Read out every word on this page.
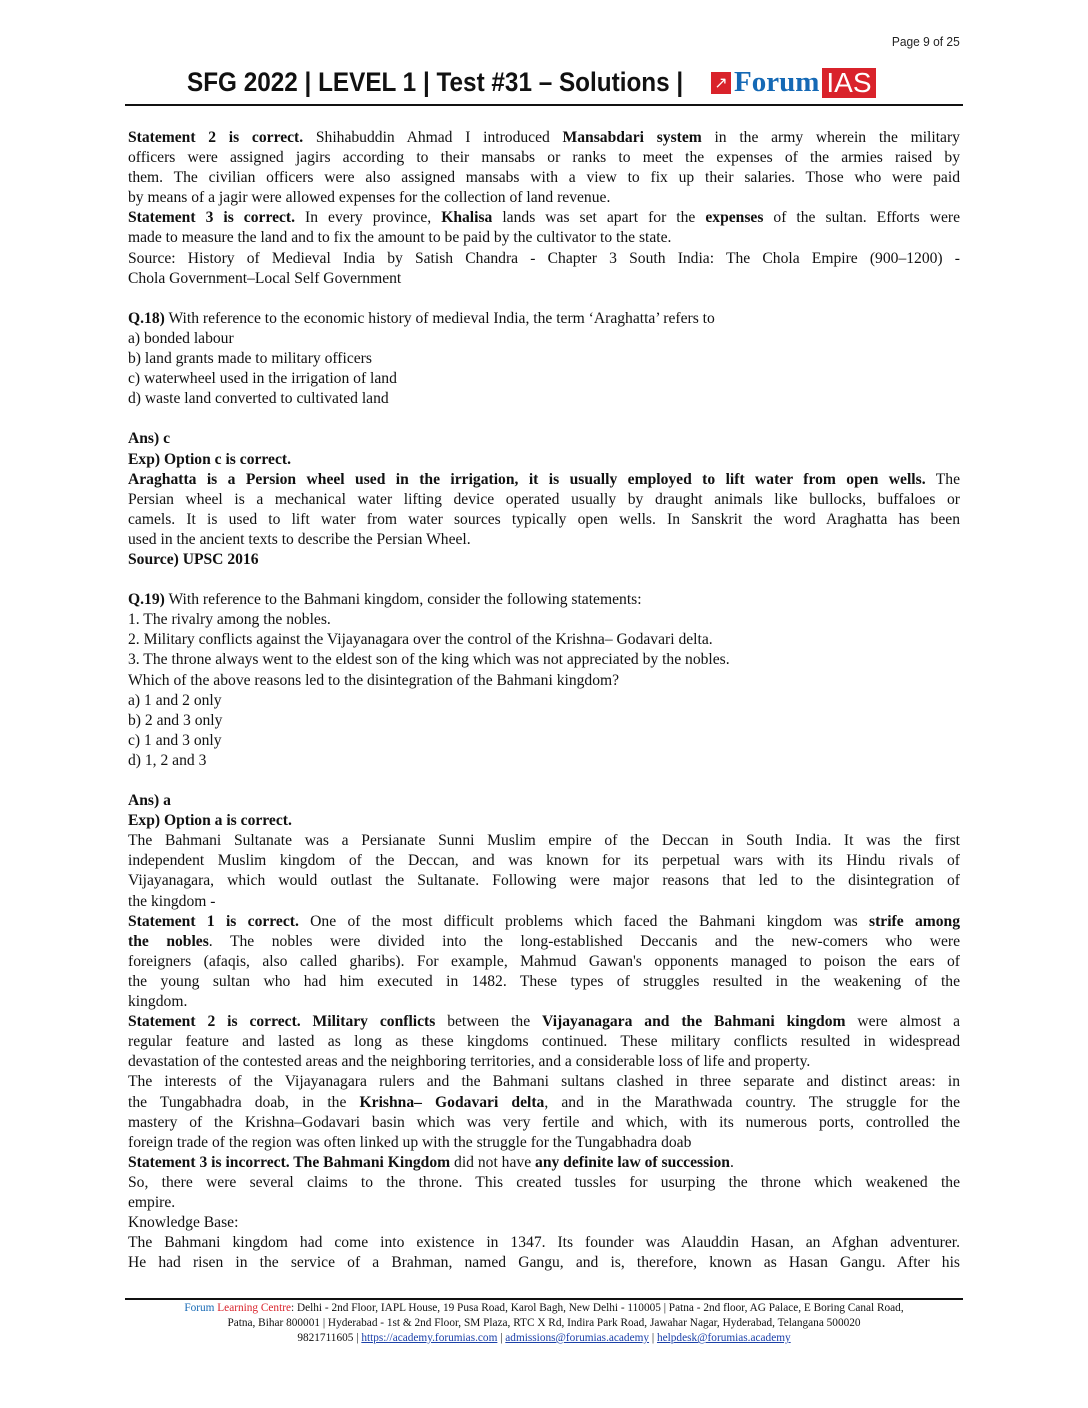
Page 9 of 25
SFG 2022 | LEVEL 1 | Test #31 – Solutions | ↗ Forum IAS
Statement 2 is correct. Shihabuddin Ahmad I introduced Mansabdari system in the army wherein the military
officers were assigned jagirs according to their mansabs or ranks to meet the expenses of the armies raised by
them. The civilian officers were also assigned mansabs with a view to fix up their salaries. Those who were paid
by means of a jagir were allowed expenses for the collection of land revenue.
Statement 3 is correct. In every province, Khalisa lands was set apart for the expenses of the sultan. Efforts were
made to measure the land and to fix the amount to be paid by the cultivator to the state.
Source: History of Medieval India by Satish Chandra - Chapter 3 South India: The Chola Empire (900–1200) -
Chola Government–Local Self Government
Q.18) With reference to the economic history of medieval India, the term ‘Araghatta’ refers to
a) bonded labour
b) land grants made to military officers
c) waterwheel used in the irrigation of land
d) waste land converted to cultivated land
Ans) c
Exp) Option c is correct.
Araghatta is a Persion wheel used in the irrigation, it is usually employed to lift water from open wells. The
Persian wheel is a mechanical water lifting device operated usually by draught animals like bullocks, buffaloes or
camels. It is used to lift water from water sources typically open wells. In Sanskrit the word Araghatta has been
used in the ancient texts to describe the Persian Wheel.
Source) UPSC 2016
Q.19) With reference to the Bahmani kingdom, consider the following statements:
1. The rivalry among the nobles.
2. Military conflicts against the Vijayanagara over the control of the Krishna– Godavari delta.
3. The throne always went to the eldest son of the king which was not appreciated by the nobles.
Which of the above reasons led to the disintegration of the Bahmani kingdom?
a) 1 and 2 only
b) 2 and 3 only
c) 1 and 3 only
d) 1, 2 and 3
Ans) a
Exp) Option a is correct.
The Bahmani Sultanate was a Persianate Sunni Muslim empire of the Deccan in South India. It was the first
independent Muslim kingdom of the Deccan, and was known for its perpetual wars with its Hindu rivals of
Vijayanagara, which would outlast the Sultanate. Following were major reasons that led to the disintegration of
the kingdom -
Statement 1 is correct. One of the most difficult problems which faced the Bahmani kingdom was strife among
the nobles. The nobles were divided into the long-established Deccanis and the new-comers who were
foreigners (afaqis, also called gharibs). For example, Mahmud Gawan's opponents managed to poison the ears of
the young sultan who had him executed in 1482. These types of struggles resulted in the weakening of the
kingdom.
Statement 2 is correct. Military conflicts between the Vijayanagara and the Bahmani kingdom were almost a
regular feature and lasted as long as these kingdoms continued. These military conflicts resulted in widespread
devastation of the contested areas and the neighboring territories, and a considerable loss of life and property.
The interests of the Vijayanagara rulers and the Bahmani sultans clashed in three separate and distinct areas: in
the Tungabhadra doab, in the Krishna– Godavari delta, and in the Marathwada country. The struggle for the
mastery of the Krishna–Godavari basin which was very fertile and which, with its numerous ports, controlled the
foreign trade of the region was often linked up with the struggle for the Tungabhadra doab
Statement 3 is incorrect. The Bahmani Kingdom did not have any definite law of succession.
So, there were several claims to the throne. This created tussles for usurping the throne which weakened the
empire.
Knowledge Base:
The Bahmani kingdom had come into existence in 1347. Its founder was Alauddin Hasan, an Afghan adventurer.
He had risen in the service of a Brahman, named Gangu, and is, therefore, known as Hasan Gangu. After his
Forum Learning Centre: Delhi - 2nd Floor, IAPL House, 19 Pusa Road, Karol Bagh, New Delhi - 110005 | Patna - 2nd floor, AG Palace, E Boring Canal Road,
Patna, Bihar 800001 | Hyderabad - 1st & 2nd Floor, SM Plaza, RTC X Rd, Indira Park Road, Jawahar Nagar, Hyderabad, Telangana 500020
9821711605 | https://academy.forumias.com | admissions@forumias.academy | helpdesk@forumias.academy
